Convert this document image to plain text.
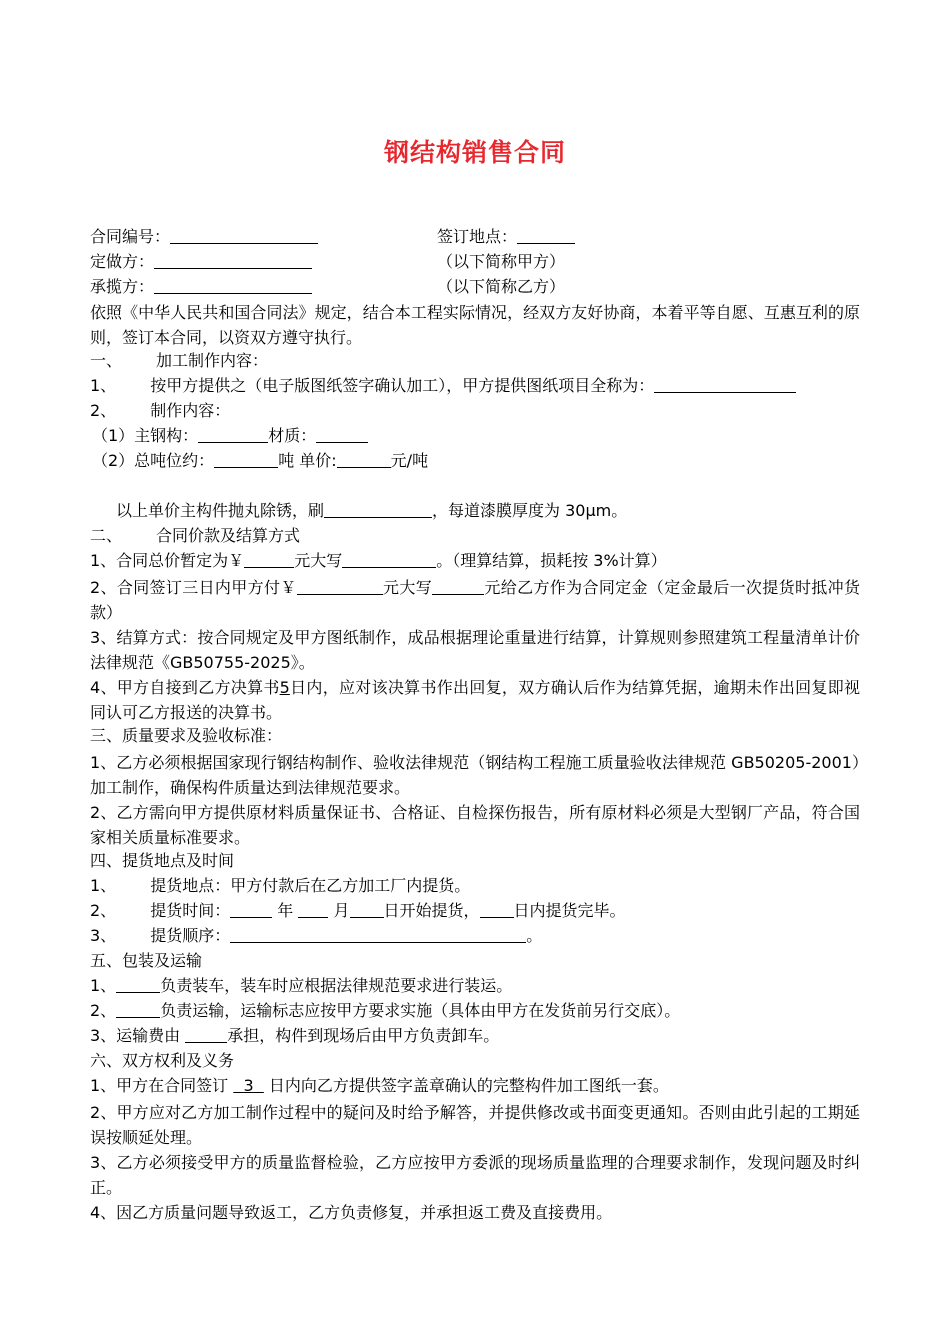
钢结构销售合同
合同编号：	签订地点：
定做方：	（以下简称甲方）
承揽方：	（以下简称乙方）
依照《中华人民共和国合同法》规定，结合本工程实际情况，经双方友好协商，本着平等自愿、互惠互利的原则，签订本合同，以资双方遵守执行。
一、 加工制作内容：
1、 按甲方提供之（电子版图纸签字确认加工），甲方提供图纸项目全称为：
2、 制作内容：
（1）主钢构：	材质：
（2）总吨位约：	吨 单价:	元/吨
以上单价主构件抛丸除锈，刷	，每道漆膜厚度为 30μm。
二、 合同价款及结算方式
1、合同总价暂定为￥	元大写	。（理算结算，损耗按 3%计算）
2、合同签订三日内甲方付￥	元大写	元给乙方作为合同定金（定金最后一次提货时抵冲货款）
3、结算方式：按合同规定及甲方图纸制作，成品根据理论重量进行结算，计算规则参照建筑工程量清单计价法律规范《GB50755-2025》。
4、甲方自接到乙方决算书5日内，应对该决算书作出回复，双方确认后作为结算凭据，逾期未作出回复即视同认可乙方报送的决算书。
三、质量要求及验收标准：
1、乙方必须根据国家现行钢结构制作、验收法律规范（钢结构工程施工质量验收法律规范 GB50205-2001）加工制作，确保构件质量达到法律规范要求。
2、乙方需向甲方提供原材料质量保证书、合格证、自检探伤报告，所有原材料必须是大型钢厂产品，符合国家相关质量标准要求。
四、提货地点及时间
1、 提货地点：甲方付款后在乙方加工厂内提货。
2、 提货时间：	年	月 日开始提货， 日内提货完毕。
3、 提货顺序：	。
五、包装及运输
1、	负责装车，装车时应根据法律规范要求进行装运。
2、	负责运输，运输标志应按甲方要求实施（具体由甲方在发货前另行交底）。
3、运输费由	承担，构件到现场后由甲方负责卸车。
六、双方权利及义务
1、甲方在合同签订 3 日内向乙方提供签字盖章确认的完整构件加工图纸一套。
2、甲方应对乙方加工制作过程中的疑问及时给予解答，并提供修改或书面变更通知。否则由此引起的工期延误按顺延处理。
3、乙方必须接受甲方的质量监督检验，乙方应按甲方委派的现场质量监理的合理要求制作，发现问题及时纠正。
4、因乙方质量问题导致返工，乙方负责修复，并承担返工费及直接费用。
